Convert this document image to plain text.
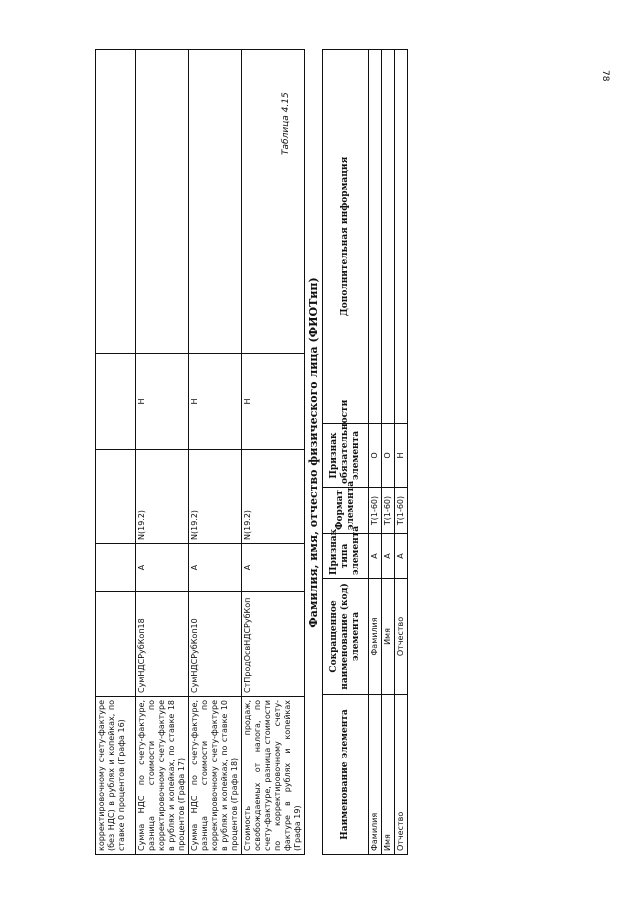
78
корректировочному счету-фактуре (без НДС) в рублях и копейках, по ставке 0 процентов (Графа 16)					
Сумма НДС по счету-фактуре, разница стоимости по корректировочному счету-фактуре в рублях и копейках, по ставке 18 процентов (Графа 17)	СумНДСРубКоп18	А	N(19.2)	Н	
Сумма НДС по счету-фактуре, разница стоимости по корректировочному счету-фактуре в рублях и копейках, по ставке 10 процентов (Графа 18)	СумНДСРубКоп10	А	N(19.2)	Н	
Стоимость продаж, освобождаемых от налога, по счету-фактуре, разница стоимости по корректировочному счету-фактуре в рублях и копейках (Графа 19)	СтПродОсвНДСРубКоп	А	N(19.2)	Н	
Таблица 4.15
Фамилия, имя, отчество физического лица (ФИОТип)
Наименование элемента	Сокращенное наименование (код) элемента	Признак типа элемента	Формат элемента	Признак обязательности элемента	Дополнительная информация
Фамилия	Фамилия	А	T(1-60)	О	
Имя	Имя	А	T(1-60)	О	
Отчество	Отчество	А	T(1-60)	Н	
